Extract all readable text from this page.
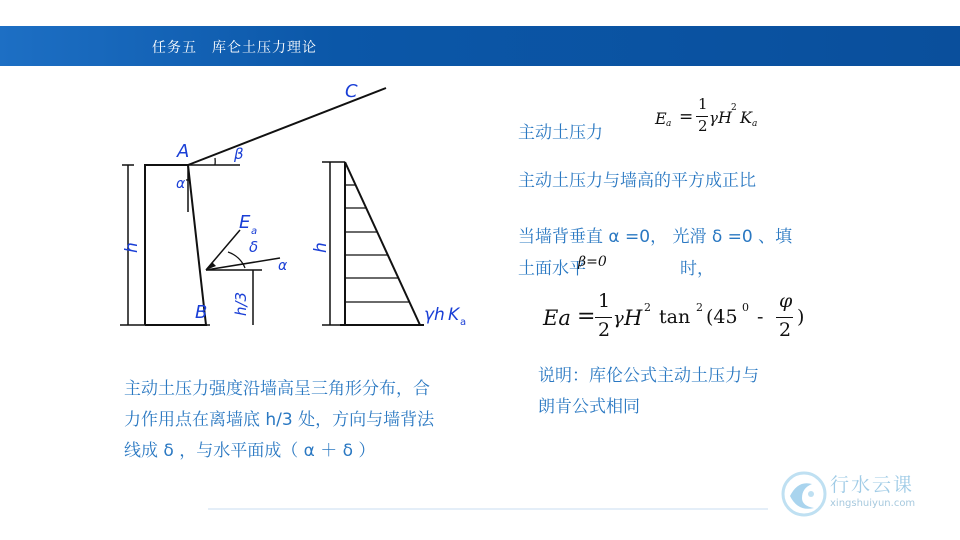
任务五　库仑土压力理论
A
B
C
β
α
δ
α
E a
h	h
h/3	γh K a
主动土压力
E a =
1
2 γ H 2 K a
主动土压力与墙高的平方成正比
当墙背垂直 α =0， 光滑 δ =0 、填
土面水平
β=0	时，
Ea =
1
2
γ H 2 tan 2 (45 0 -
φ
2
)
说明：库伦公式主动土压力与
朗肯公式相同
主动土压力强度沿墙高呈三角形分布，合
力作用点在离墙底 h/3 处，方向与墙背法
线成 δ ，与水平面成（ α ＋ δ ）
行水云课
xingshuiyun.com
